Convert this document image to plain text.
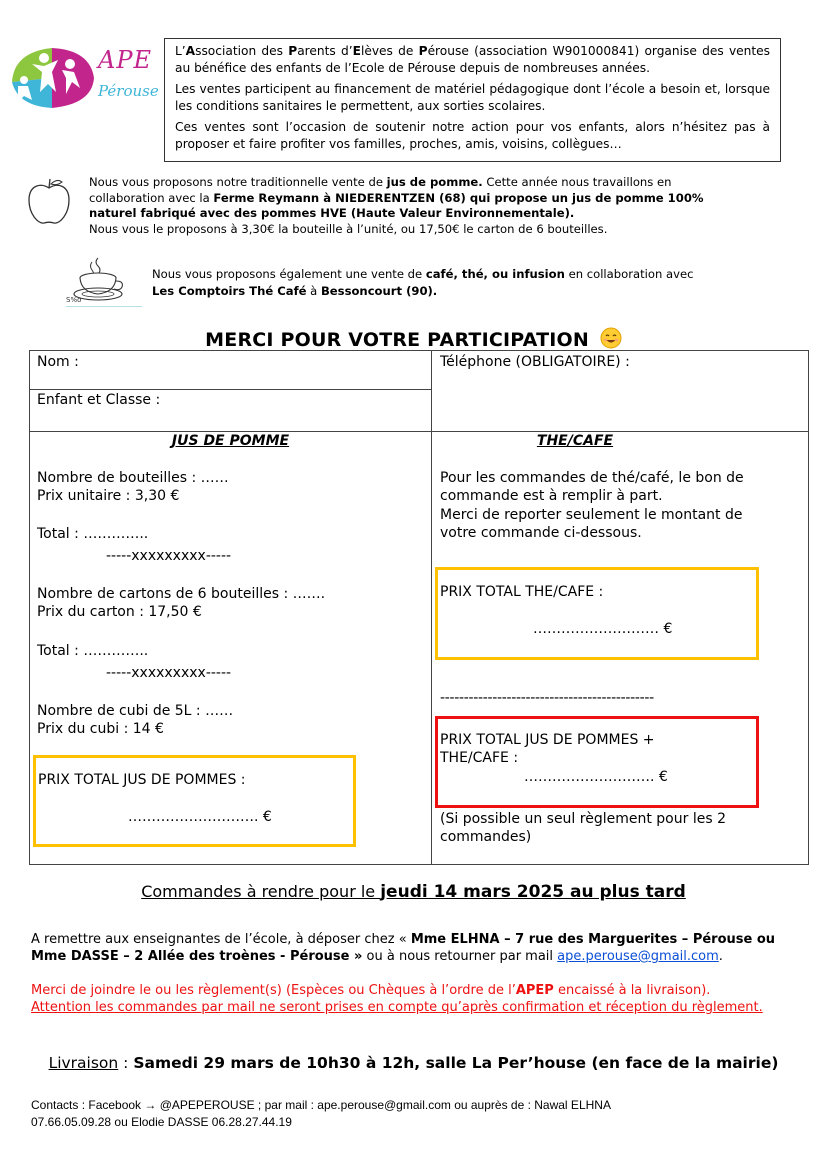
APE
Pérouse

L’Association des Parents d’Elèves de Pérouse (association W901000841) organise des ventes au bénéfice des enfants de l’Ecole de Pérouse depuis de nombreuses années.

Les ventes participent au financement de matériel pédagogique dont l’école a besoin et, lorsque les conditions sanitaires le permettent, aux sorties scolaires.

Ces ventes sont l’occasion de soutenir notre action pour vos enfants, alors n’hésitez pas à proposer et faire profiter vos familles, proches, amis, voisins, collègues…

Nous vous proposons notre traditionnelle vente de jus de pomme. Cette année nous travaillons en collaboration avec la Ferme Reymann à NIEDERENTZEN (68) qui propose un jus de pomme 100% naturel fabriqué avec des pommes HVE (Haute Valeur Environnementale).
Nous vous le proposons à 3,30€ la bouteille à l’unité, ou 17,50€ le carton de 6 bouteilles.
S%o
Nous vous proposons également une vente de café, thé, ou infusion en collaboration avec
Les Comptoirs Thé Café à Bessoncourt (90).
MERCI POUR VOTRE PARTICIPATION
Nom :
Enfant et Classe :
Téléphone (OBLIGATOIRE) :
JUS DE POMME
Nombre de bouteilles : ……
Prix unitaire : 3,30 €
Total : …………..
-----xxxxxxxxx-----
Nombre de cartons de 6 bouteilles : …….
Prix du carton : 17,50 €
Total : …………..
-----xxxxxxxxx-----
Nombre de cubi de 5L : ……
Prix du cubi : 14 €
PRIX TOTAL JUS DE POMMES :
………………………. €
THE/CAFE
Pour les commandes de thé/café, le bon de
commande est à remplir à part.
Merci de reporter seulement le montant de
votre commande ci-dessous.
PRIX TOTAL THE/CAFE :
……………………… €
---------------------------------------------
PRIX TOTAL JUS DE POMMES +
THE/CAFE :
………………………. €
(Si possible un seul règlement pour les 2
commandes)
Commandes à rendre pour le jeudi 14 mars 2025 au plus tard
A remettre aux enseignantes de l’école, à déposer chez « Mme ELHNA – 7 rue des Marguerites – Pérouse ou Mme DASSE – 2 Allée des troènes - Pérouse » ou à nous retourner par mail ape.perouse@gmail.com.
Merci de joindre le ou les règlement(s) (Espèces ou Chèques à l’ordre de l’APEP encaissé à la livraison).
Attention les commandes par mail ne seront prises en compte qu’après confirmation et réception du règlement.
Livraison : Samedi 29 mars de 10h30 à 12h, salle La Per’house (en face de la mairie)
Contacts : Facebook → @APEPEROUSE ; par mail : ape.perouse@gmail.com ou auprès de : Nawal ELHNA
07.66.05.09.28 ou Elodie DASSE 06.28.27.44.19
